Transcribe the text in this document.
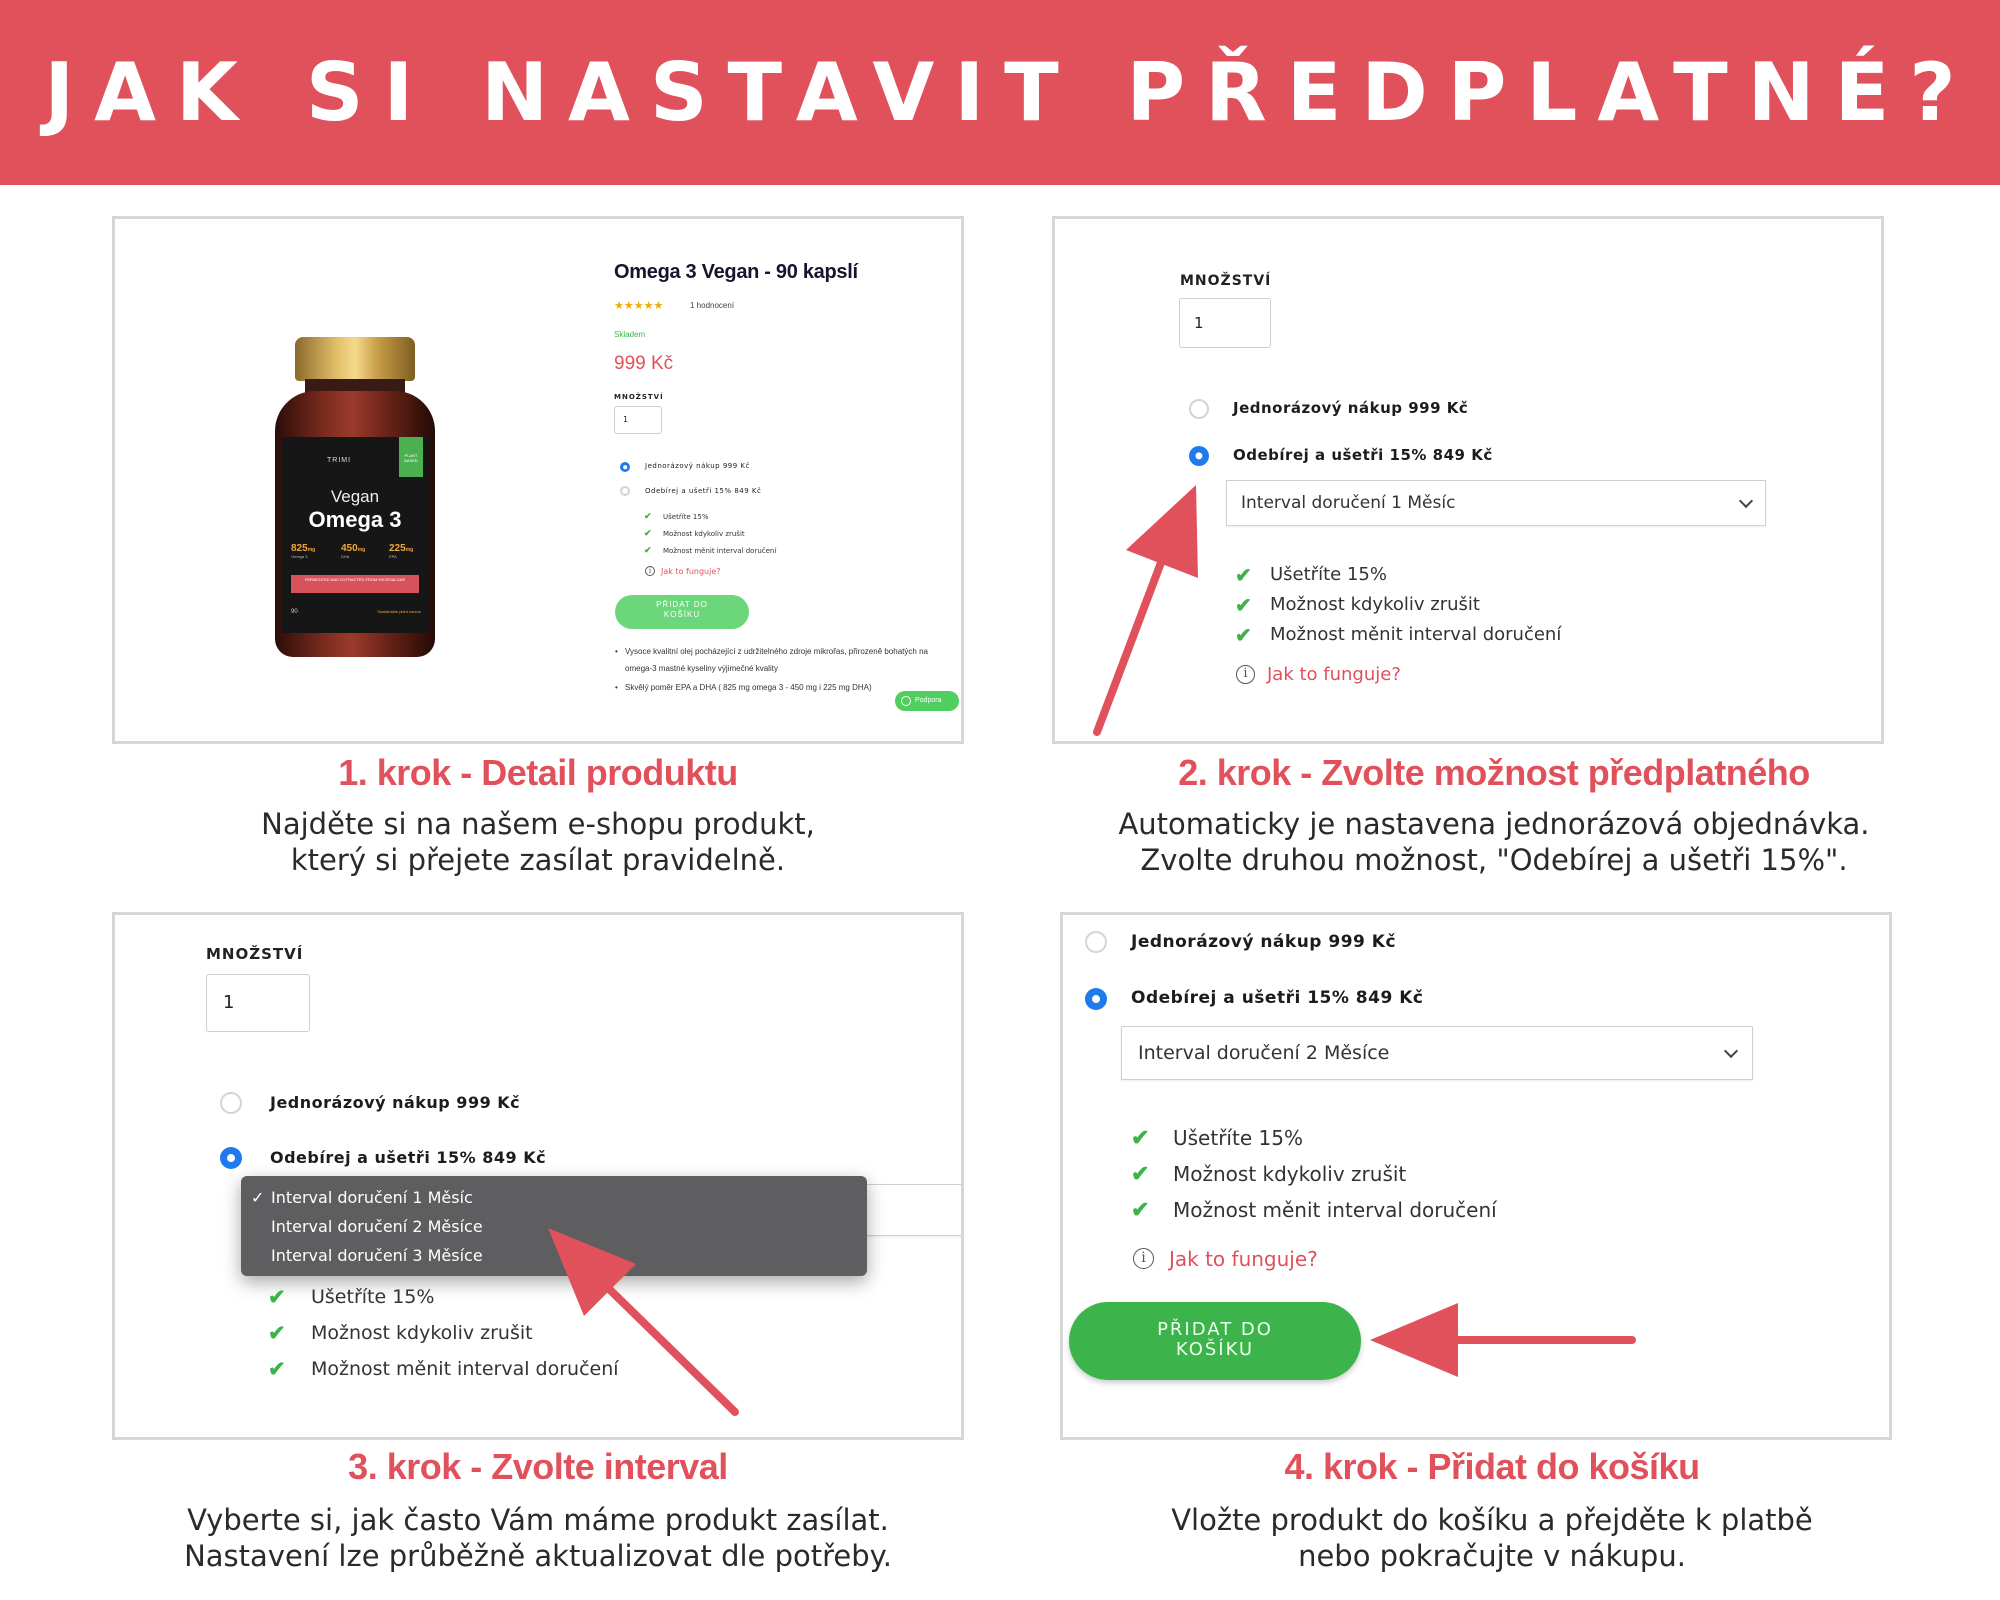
JAK SI NASTAVIT PŘEDPLATNÉ?
TRIMI
PLANT BASED
Vegan
Omega 3
825mg
Omega 3
450mg
DHA
225mg
EPA
FERMENTED AND EXTRACTED FROM MICROALGAE
90	Sustainable plant source
Omega 3 Vegan - 90 kapslí
★★★★★	1 hodnocení
Skladem
999 Kč
MNOŽSTVÍ
1
Jednorázový nákup 999 Kč
Odebírej a ušetři 15% 849 Kč
✔ Ušetříte 15%
✔ Možnost kdykoliv zrušit
✔ Možnost měnit interval doručení
i	Jak to funguje?
PŘIDAT DO KOŠÍKU
• Vysoce kvalitní olej pocházející z udržitelného zdroje mikrořas, přirozeně bohatých na omega-3 mastné kyseliny výjimečné kvality
• Skvělý poměr EPA a DHA ( 825 mg omega 3 - 450 mg i 225 mg DHA)
Podpora
1. krok - Detail produktu
Najděte si na našem e-shopu produkt,
který si přejete zasílat pravidelně.
MNOŽSTVÍ
1
Jednorázový nákup 999 Kč
Odebírej a ušetři 15% 849 Kč
Interval doručení 1 Měsíc
✔ Ušetříte 15%
✔ Možnost kdykoliv zrušit
✔ Možnost měnit interval doručení
i	Jak to funguje?
2. krok - Zvolte možnost předplatného
Automaticky je nastavena jednorázová objednávka.
Zvolte druhou možnost, "Odebírej a ušetři 15%".
MNOŽSTVÍ
1
Jednorázový nákup 999 Kč
Odebírej a ušetři 15% 849 Kč
✓ Interval doručení 1 Měsíc
Interval doručení 2 Měsíce
Interval doručení 3 Měsíce
✔ Ušetříte 15%
✔ Možnost kdykoliv zrušit
✔ Možnost měnit interval doručení
3. krok - Zvolte interval
Vyberte si, jak často Vám máme produkt zasílat.
Nastavení lze průběžně aktualizovat dle potřeby.
Jednorázový nákup 999 Kč
Odebírej a ušetři 15% 849 Kč
Interval doručení 2 Měsíce
✔ Ušetříte 15%
✔ Možnost kdykoliv zrušit
✔ Možnost měnit interval doručení
i	Jak to funguje?
PŘIDAT DO KOŠÍKU
4. krok - Přidat do košíku
Vložte produkt do košíku a přejděte k platbě
nebo pokračujte v nákupu.
